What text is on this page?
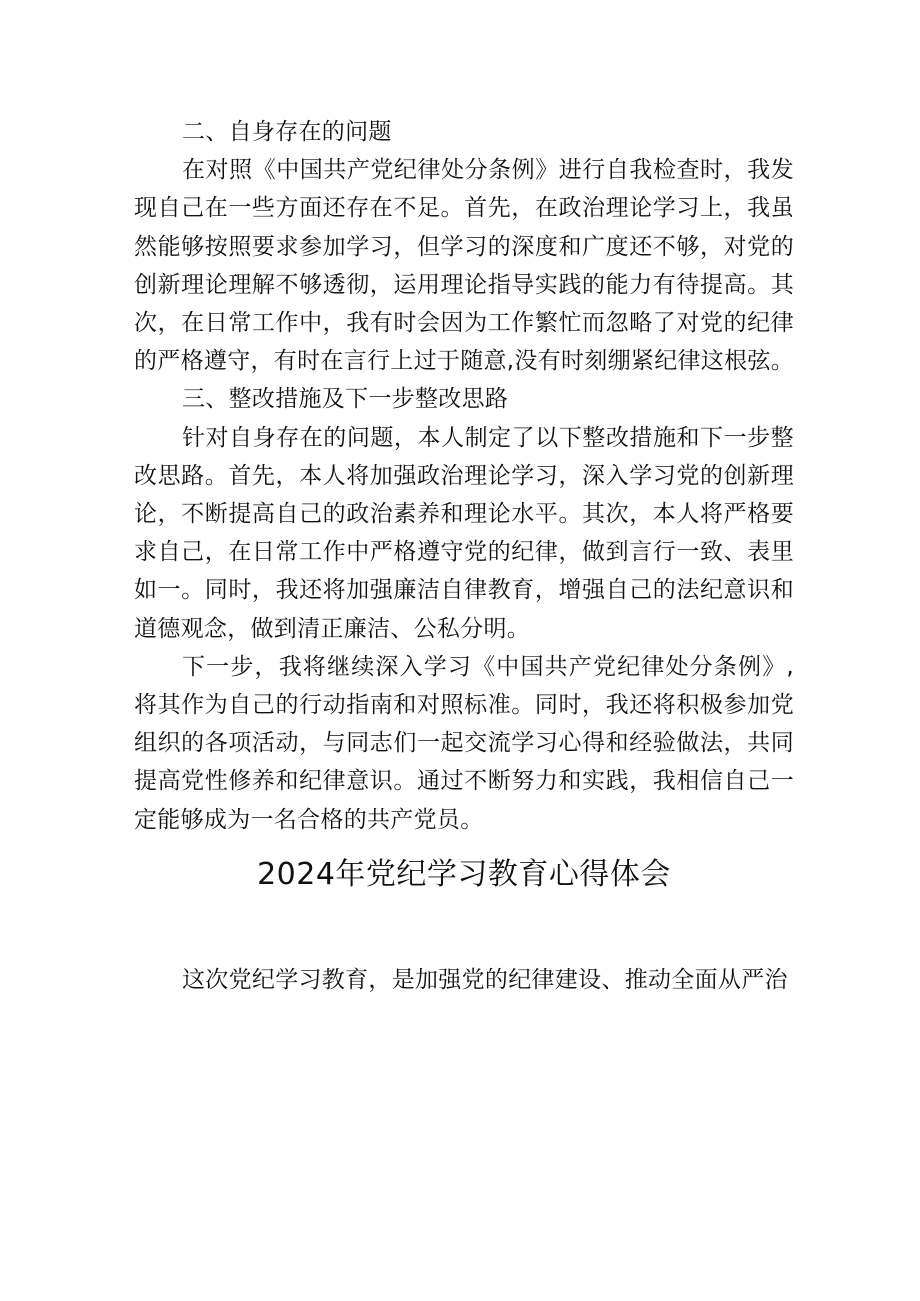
二、自身存在的问题

在对照《中国共产党纪律处分条例》进行自我检查时，我发现自己在一些方面还存在不足。首先，在政治理论学习上，我虽然能够按照要求参加学习，但学习的深度和广度还不够，对党的创新理论理解不够透彻，运用理论指导实践的能力有待提高。其次，在日常工作中，我有时会因为工作繁忙而忽略了对党的纪律的严格遵守，有时在言行上过于随意,没有时刻绷紧纪律这根弦。

三、整改措施及下一步整改思路

针对自身存在的问题，本人制定了以下整改措施和下一步整改思路。首先，本人将加强政治理论学习，深入学习党的创新理论，不断提高自己的政治素养和理论水平。其次，本人将严格要求自己，在日常工作中严格遵守党的纪律，做到言行一致、表里如一。同时，我还将加强廉洁自律教育，增强自己的法纪意识和道德观念，做到清正廉洁、公私分明。

下一步，我将继续深入学习《中国共产党纪律处分条例》,将其作为自己的行动指南和对照标准。同时，我还将积极参加党组织的各项活动，与同志们一起交流学习心得和经验做法，共同提高党性修养和纪律意识。通过不断努力和实践，我相信自己一定能够成为一名合格的共产党员。

2024年党纪学习教育心得体会

这次党纪学习教育，是加强党的纪律建设、推动全面从严治
